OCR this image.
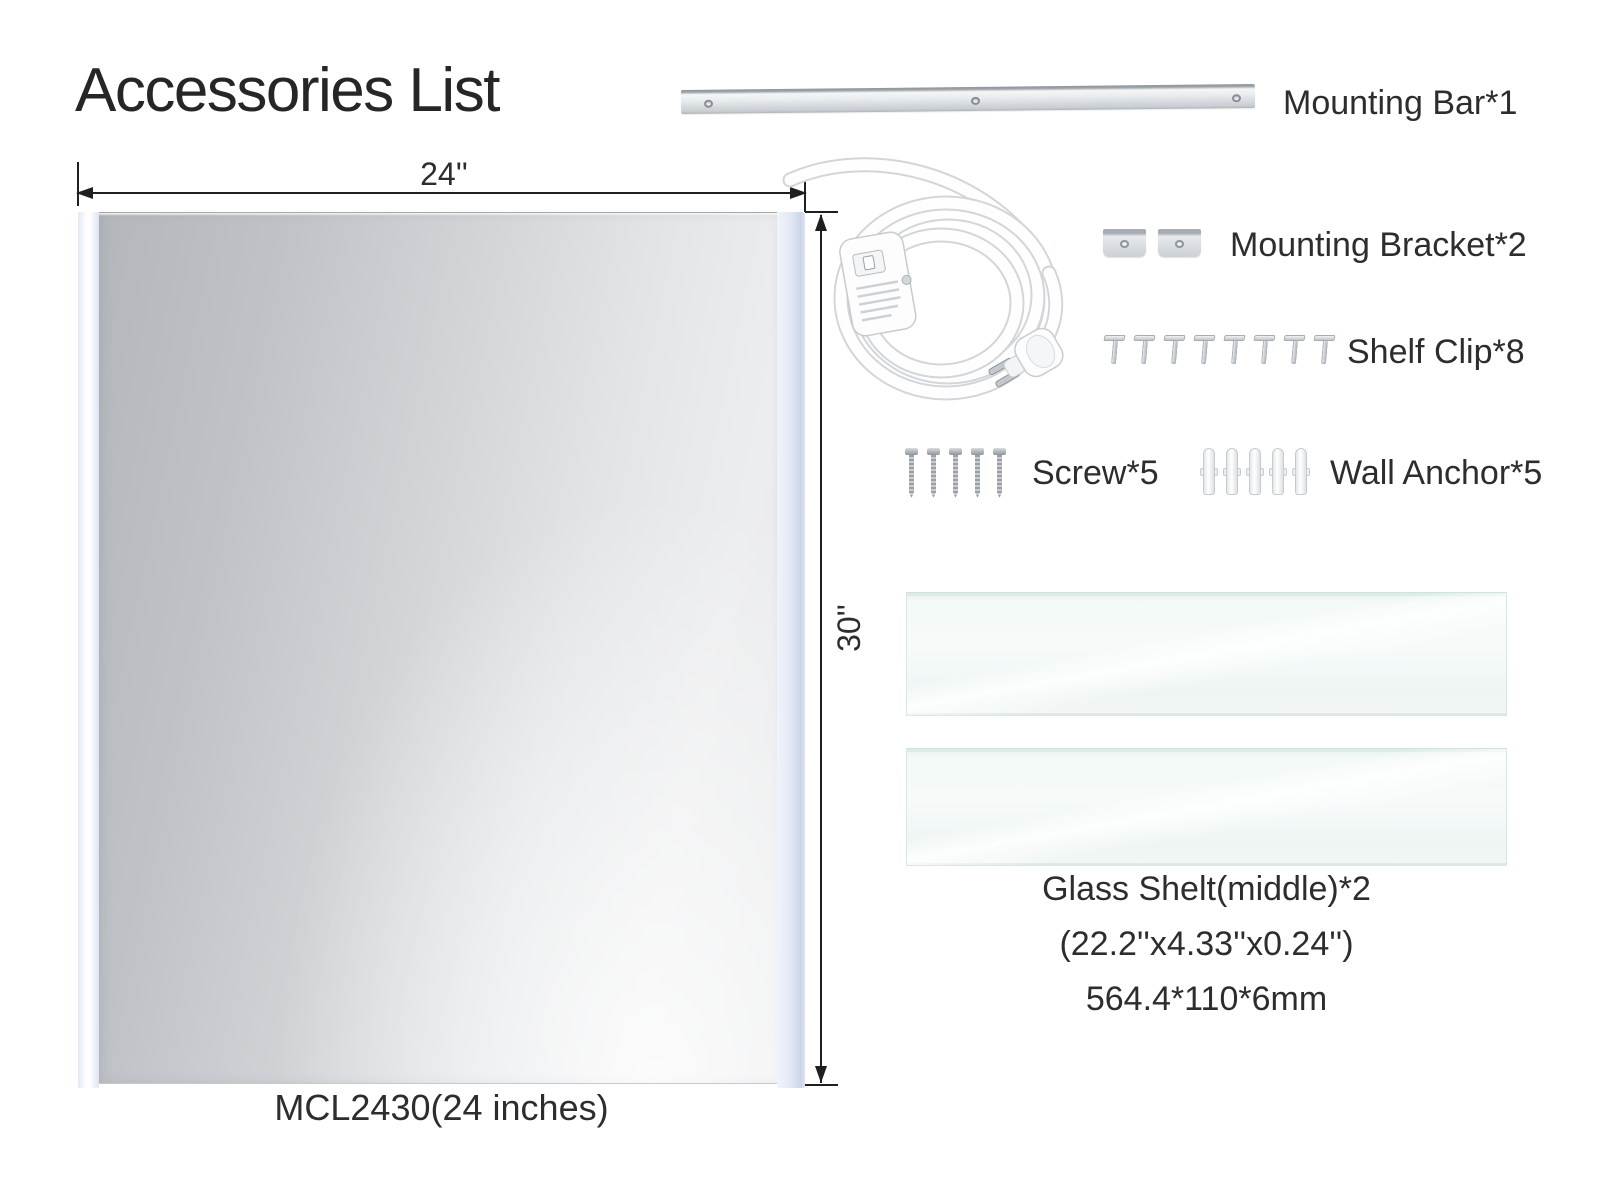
Accessories List	Mounting Bar*1
MCL2430(24 inches)
24''
30''
Mounting Bracket*2
Shelf Clip*8
Screw*5	Wall Anchor*5
Glass Shelt(middle)*2
(22.2''x4.33''x0.24'')
564.4*110*6mm
